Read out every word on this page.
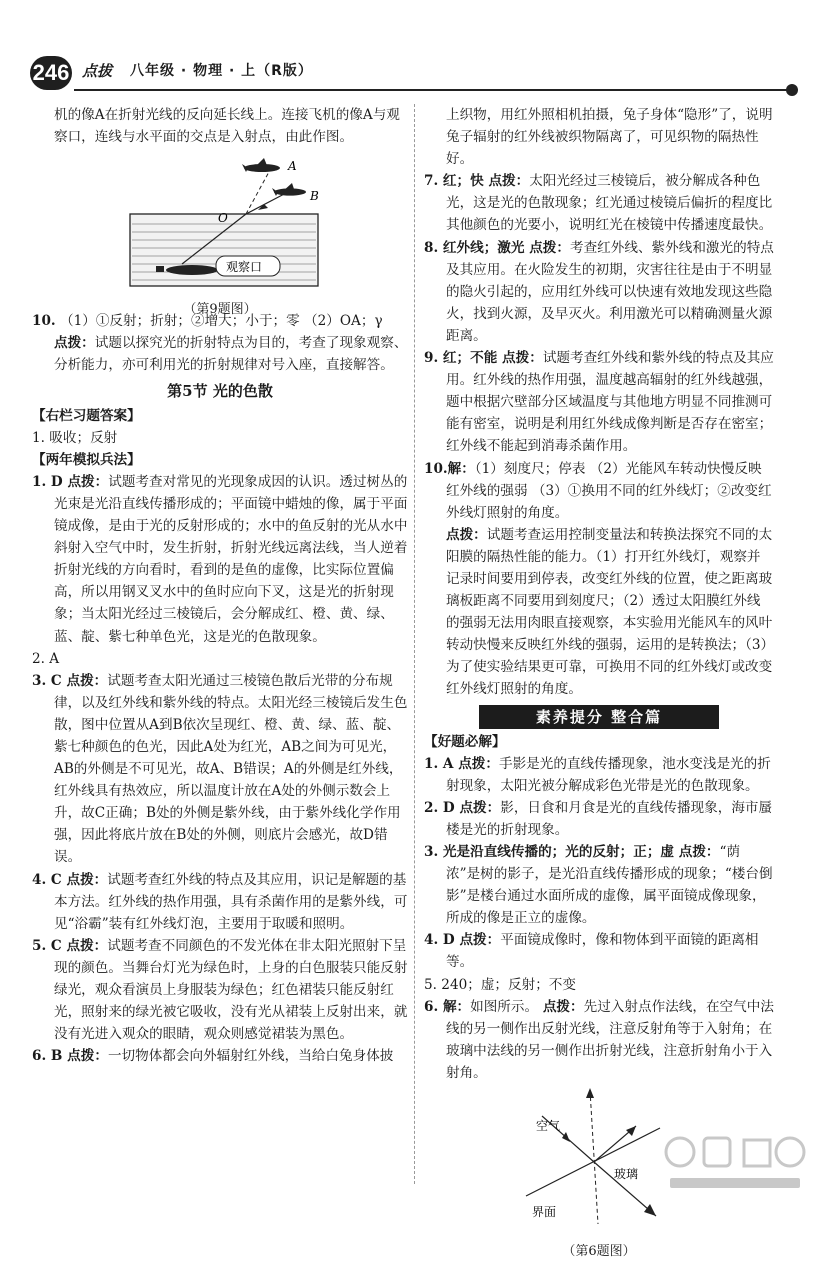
246 点拔 八年级 · 物理 · 上（R版）

机的像A在折射光线的反向延长线上。连接飞机的像A与观察口，连线与水平面的交点是入射点，由此作图。

A
B
O
观察口
（第9题图）

10. （1）①反射；折射；②增大；小于；零 （2）OA；γ

点拨：试题以探究光的折射特点为目的，考查了现象观察、分析能力，亦可利用光的折射规律对号入座，直接解答。

第5节 光的色散

【右栏习题答案】

1. 吸收；反射

【两年模拟兵法】

1. D 点拨：试题考查对常见的光现象成因的认识。透过树丛的光束是光沿直线传播形成的；平面镜中蜡烛的像，属于平面镜成像，是由于光的反射形成的；水中的鱼反射的光从水中斜射入空气中时，发生折射，折射光线远离法线，当人逆着折射光线的方向看时，看到的是鱼的虚像，比实际位置偏高，所以用钢叉叉水中的鱼时应向下叉，这是光的折射现象；当太阳光经过三棱镜后，会分解成红、橙、黄、绿、蓝、靛、紫七种单色光，这是光的色散现象。

2. A

3. C 点拨：试题考查太阳光通过三棱镜色散后光带的分布规律，以及红外线和紫外线的特点。太阳光经三棱镜后发生色散，图中位置从A到B依次呈现红、橙、黄、绿、蓝、靛、紫七种颜色的色光，因此A处为红光，AB之间为可见光，AB的外侧是不可见光，故A、B错误；A的外侧是红外线，红外线具有热效应，所以温度计放在A处的外侧示数会上升，故C正确；B处的外侧是紫外线，由于紫外线化学作用强，因此将底片放在B处的外侧，则底片会感光，故D错误。

4. C 点拨：试题考查红外线的特点及其应用，识记是解题的基本方法。红外线的热作用强，具有杀菌作用的是紫外线，可见“浴霸”装有红外线灯泡，主要用于取暖和照明。

5. C 点拨：试题考查不同颜色的不发光体在非太阳光照射下呈现的颜色。当舞台灯光为绿色时，上身的白色服装只能反射绿光，观众看演员上身服装为绿色；红色裙装只能反射红光，照射来的绿光被它吸收，没有光从裙装上反射出来，就没有光进入观众的眼睛，观众则感觉裙装为黑色。

6. B 点拨：一切物体都会向外辐射红外线，当给白兔身体披

上织物，用红外照相机拍摄，兔子身体“隐形”了，说明兔子辐射的红外线被织物隔离了，可见织物的隔热性好。

7. 红；快 点拨：太阳光经过三棱镜后，被分解成各种色光，这是光的色散现象；红光通过棱镜后偏折的程度比其他颜色的光要小，说明红光在棱镜中传播速度最快。

8. 红外线；激光 点拨：考查红外线、紫外线和激光的特点及其应用。在火险发生的初期，灾害往往是由于不明显的隐火引起的，应用红外线可以快速有效地发现这些隐火，找到火源，及早灭火。利用激光可以精确测量火源距离。

9. 红；不能 点拨：试题考查红外线和紫外线的特点及其应用。红外线的热作用强，温度越高辐射的红外线越强，题中根据穴壁部分区域温度与其他地方明显不同推测可能有密室，说明是利用红外线成像判断是否存在密室；红外线不能起到消毒杀菌作用。

10.解：（1）刻度尺；停表 （2）光能风车转动快慢反映红外线的强弱 （3）①换用不同的红外线灯；②改变红外线灯照射的角度。

点拨：试题考查运用控制变量法和转换法探究不同的太阳膜的隔热性能的能力。（1）打开红外线灯，观察并记录时间要用到停表，改变红外线的位置，使之距离玻璃板距离不同要用到刻度尺；（2）透过太阳膜红外线的强弱无法用肉眼直接观察，本实验用光能风车的风叶转动快慢来反映红外线的强弱，运用的是转换法；（3）为了使实验结果更可靠，可换用不同的红外线灯或改变红外线灯照射的角度。

素养提分 整合篇

【好题必解】

1. A 点拨：手影是光的直线传播现象，池水变浅是光的折射现象，太阳光被分解成彩色光带是光的色散现象。

2. D 点拨：影，日食和月食是光的直线传播现象，海市蜃楼是光的折射现象。

3. 光是沿直线传播的；光的反射；正；虚 点拨：“荫浓”是树的影子，是光沿直线传播形成的现象；“楼台倒影”是楼台通过水面所成的虚像，属平面镜成像现象，所成的像是正立的虚像。

4. D 点拨：平面镜成像时，像和物体到平面镜的距离相等。

5. 240；虚；反射；不变

6. 解：如图所示。 点拨：先过入射点作法线，在空气中法线的另一侧作出反射光线，注意反射角等于入射角；在玻璃中法线的另一侧作出折射光线，注意折射角小于入射角。

空气
玻璃
界面
（第6题图）
